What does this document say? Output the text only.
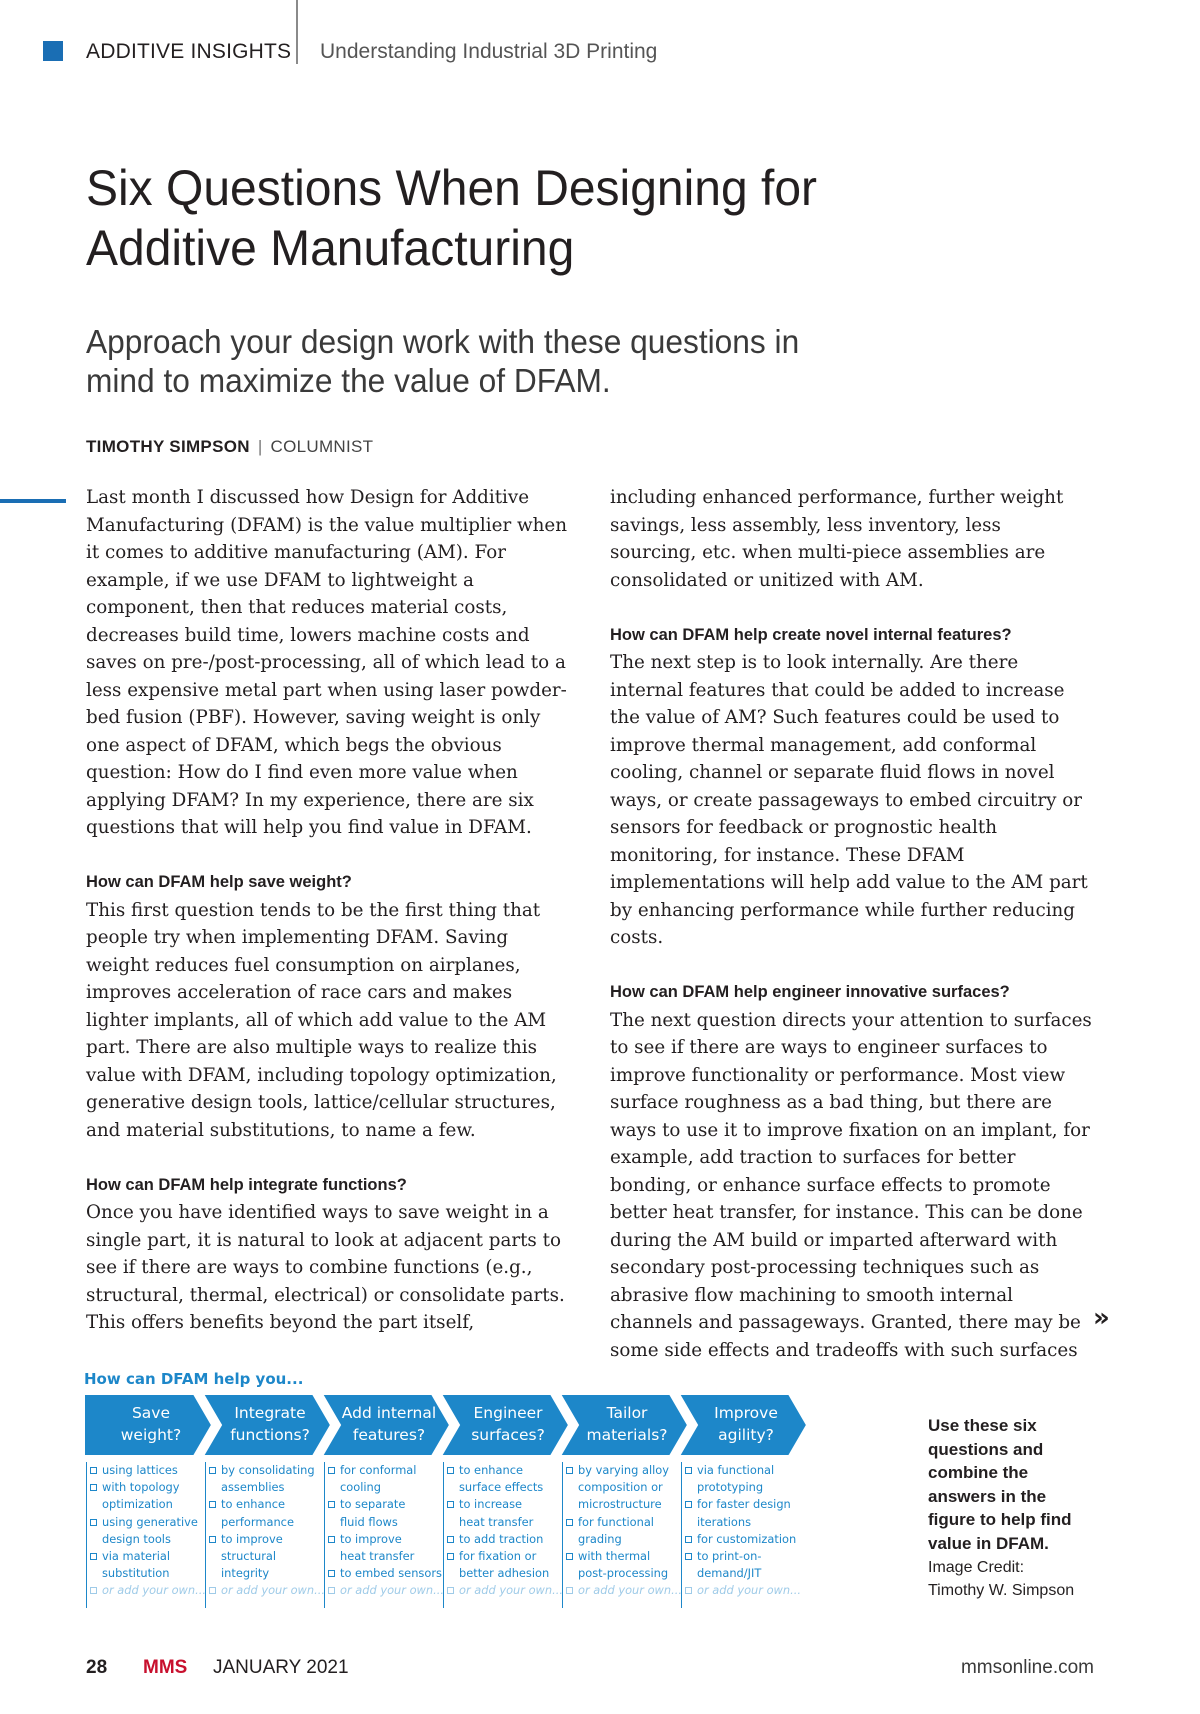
ADDITIVE INSIGHTS Understanding Industrial 3D Printing
Six Questions When Designing for
Additive Manufacturing
Approach your design work with these questions in
mind to maximize the value of DFAM.
TIMOTHY SIMPSON | COLUMNIST

Last month I discussed how Design for Additive Manufacturing (DFAM) is the value multiplier when it comes to additive manufacturing (AM). For example, if we use DFAM to lightweight a component, then that reduces material costs, decreases build time, lowers machine costs and saves on pre-/post-processing, all of which lead to a less expensive metal part when using laser powder-bed fusion (PBF). However, saving weight is only one aspect of DFAM, which begs the obvious question: How do I find even more value when applying DFAM? In my experience, there are six questions that will help you find value in DFAM.

How can DFAM help save weight?

This first question tends to be the first thing that people try when implementing DFAM. Saving weight reduces fuel consumption on airplanes, improves acceleration of race cars and makes lighter implants, all of which add value to the AM part. There are also multiple ways to realize this value with DFAM, including topology optimization, generative design tools, lattice/cellular structures, and material substitutions, to name a few.

How can DFAM help integrate functions?

Once you have identified ways to save weight in a single part, it is natural to look at adjacent parts to see if there are ways to combine functions (e.g., structural, thermal, electrical) or consolidate parts. This offers benefits beyond the part itself,

including enhanced performance, further weight savings, less assembly, less inventory, less sourcing, etc. when multi-piece assemblies are consolidated or unitized with AM.

How can DFAM help create novel internal features?

The next step is to look internally. Are there internal features that could be added to increase the value of AM? Such features could be used to improve thermal management, add conformal cooling, channel or separate fluid flows in novel ways, or create passageways to embed circuitry or sensors for feedback or prognostic health monitoring, for instance. These DFAM implementations will help add value to the AM part by enhancing performance while further reducing costs.

How can DFAM help engineer innovative surfaces?

The next question directs your attention to surfaces to see if there are ways to engineer surfaces to improve functionality or performance. Most view surface roughness as a bad thing, but there are ways to use it to improve fixation on an implant, for example, add traction to surfaces for better bonding, or enhance surface effects to promote better heat transfer, for instance. This can be done during the AM build or imparted afterward with secondary post-processing techniques such as abrasive flow machining to smooth internal channels and passageways. Granted, there may be some side effects and tradeoffs with such surfaces

»
How can DFAM help you...
Save
weight?
Integrate
functions?
Add internal
features?
Engineer
surfaces?
Tailor
materials?
Improve
agility?
using lattices
with topology
optimization
using generative
design tools
via material
substitution
or add your own...
by consolidating
assemblies
to enhance
performance
to improve
structural
integrity
or add your own...
for conformal
cooling
to separate
fluid flows
to improve
heat transfer
to embed sensors
or add your own...
to enhance
surface effects
to increase
heat transfer
to add traction
for fixation or
better adhesion
or add your own...
by varying alloy
composition or
microstructure
for functional
grading
with thermal
post-processing
or add your own...
via functional
prototyping
for faster design
iterations
for customization
to print-on-
demand/JIT
or add your own...
Use these six
questions and
combine the
answers in the
figure to help find
value in DFAM.
Image Credit:
Timothy W. Simpson
28 MMS JANUARY 2021	mmsonline.com
